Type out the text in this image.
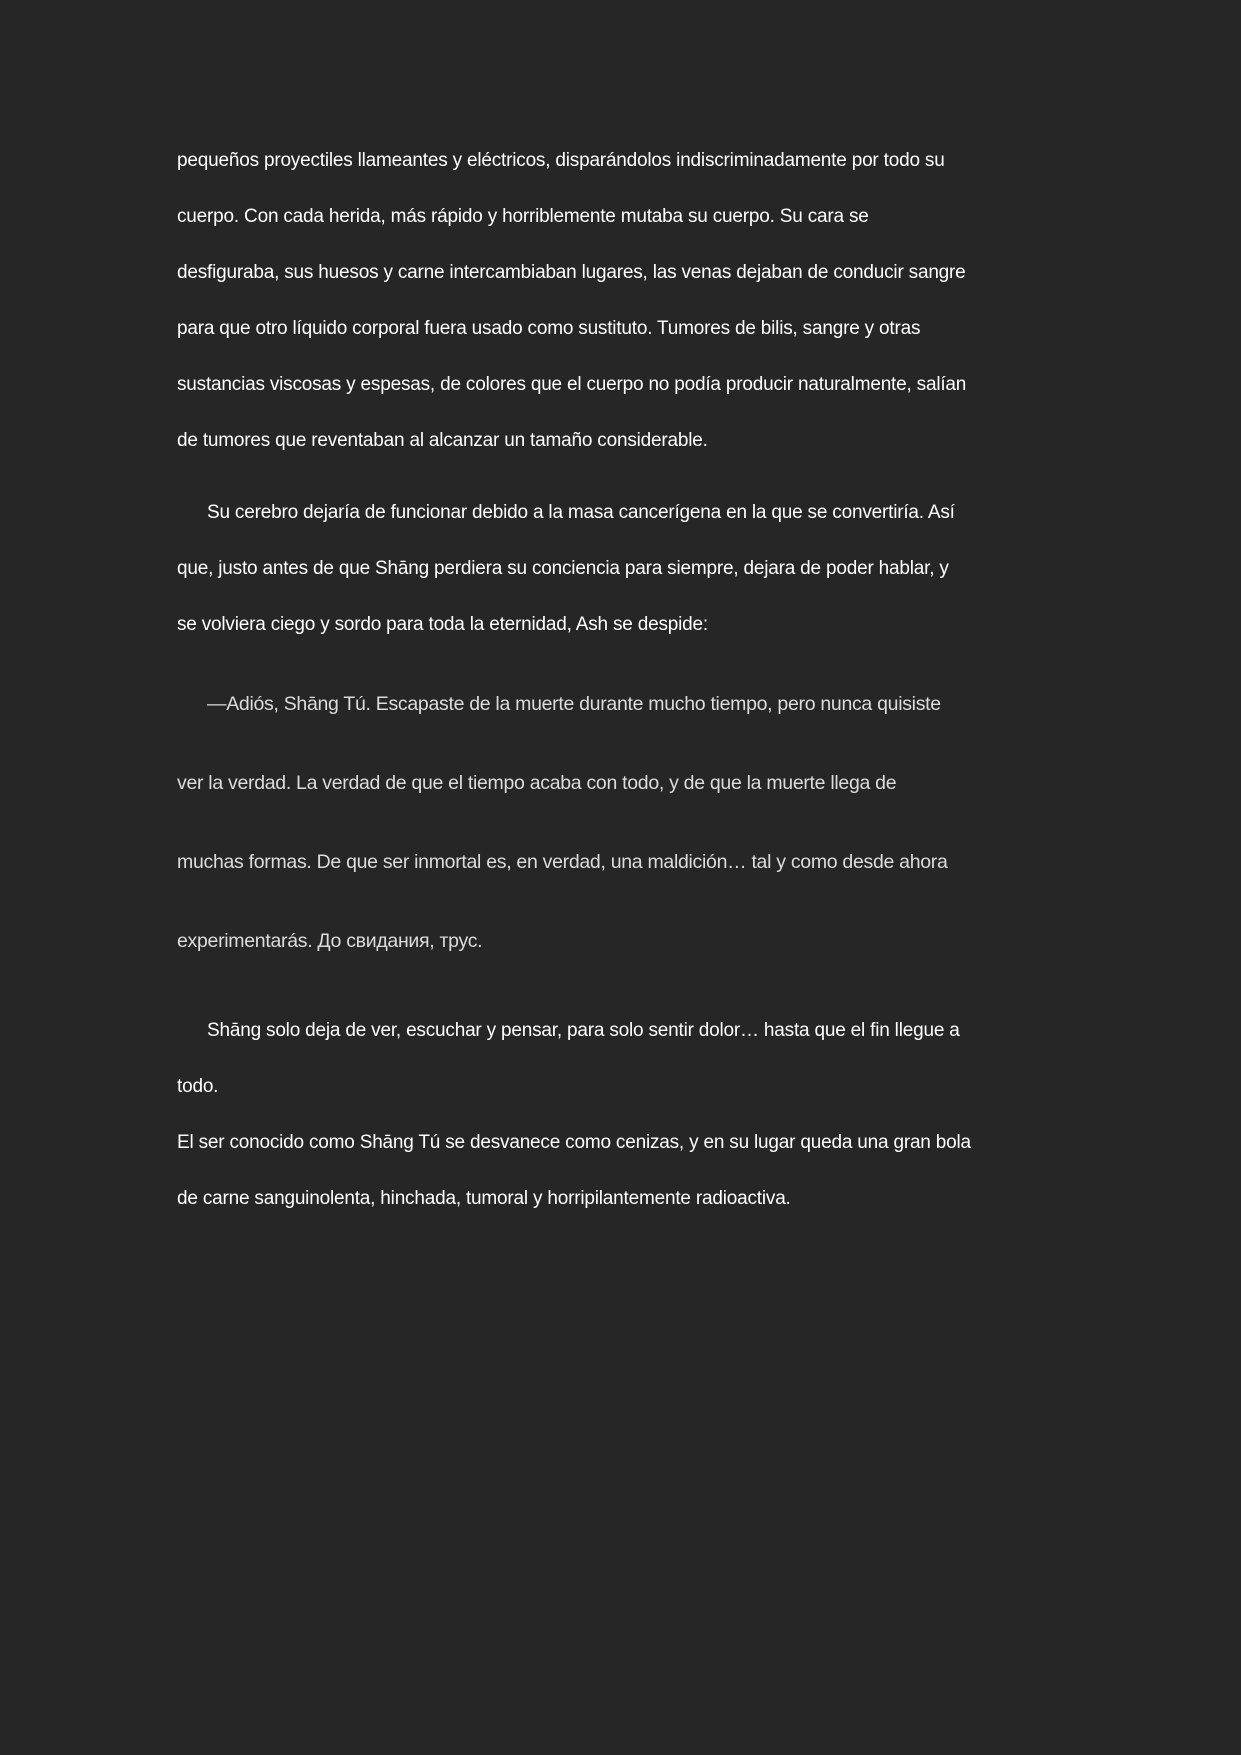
pequeños proyectiles llameantes y eléctricos, disparándolos indiscriminadamente por todo su
cuerpo. Con cada herida, más rápido y horriblemente mutaba su cuerpo. Su cara se
desfiguraba, sus huesos y carne intercambiaban lugares, las venas dejaban de conducir sangre
para que otro líquido corporal fuera usado como sustituto. Tumores de bilis, sangre y otras
sustancias viscosas y espesas, de colores que el cuerpo no podía producir naturalmente, salían
de tumores que reventaban al alcanzar un tamaño considerable.
Su cerebro dejaría de funcionar debido a la masa cancerígena en la que se convertiría. Así
que, justo antes de que Shāng perdiera su conciencia para siempre, dejara de poder hablar, y
se volviera ciego y sordo para toda la eternidad, Ash se despide:
—Adiós, Shāng Tú. Escapaste de la muerte durante mucho tiempo, pero nunca quisiste
ver la verdad. La verdad de que el tiempo acaba con todo, y de que la muerte llega de
muchas formas. De que ser inmortal es, en verdad, una maldición… tal y como desde ahora
experimentarás. До свидания, трус.
Shāng solo deja de ver, escuchar y pensar, para solo sentir dolor… hasta que el fin llegue a
todo.
El ser conocido como Shāng Tú se desvanece como cenizas, y en su lugar queda una gran bola
de carne sanguinolenta, hinchada, tumoral y horripilantemente radioactiva.
